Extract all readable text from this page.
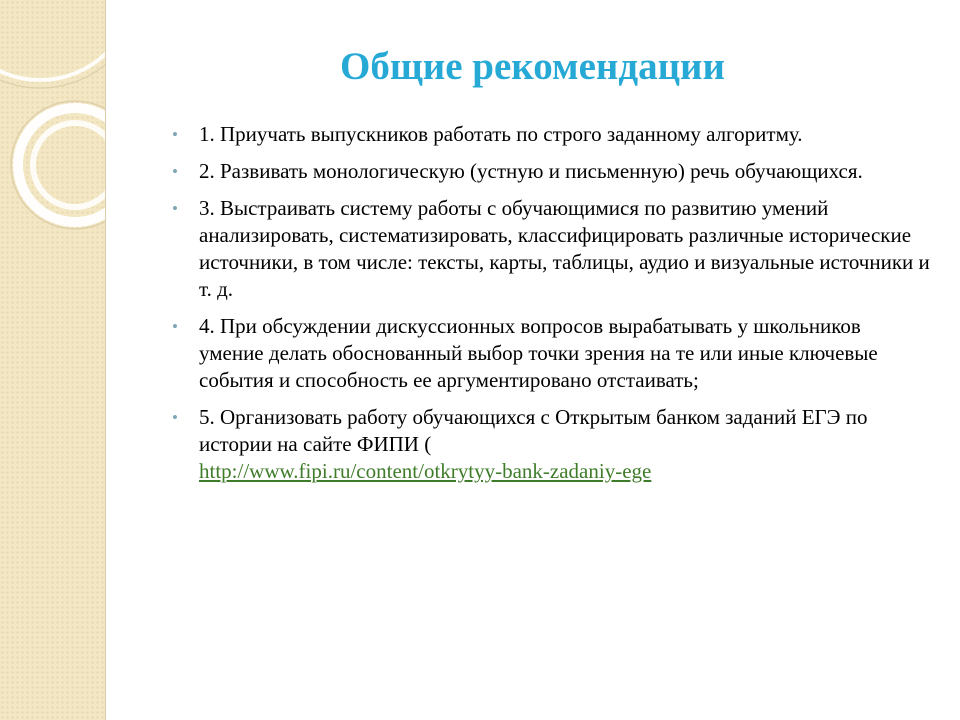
Общие рекомендации
• 1. Приучать выпускников работать по строго заданному алгоритму.
• 2. Развивать монологическую (устную и письменную) речь обучающихся.
• 3. Выстраивать систему работы с обучающимися по развитию умений анализировать, систематизировать, классифицировать различные исторические источники, в том числе: тексты, карты, таблицы, аудио и визуальные источники и т. д.
• 4. При обсуждении дискуссионных вопросов вырабатывать у школьников умение делать обоснованный выбор точки зрения на те или иные ключевые события и способность ее аргументировано отстаивать;
• 5. Организовать работу обучающихся с Открытым банком заданий ЕГЭ по истории на сайте ФИПИ (
http://www.fipi.ru/content/otkrytyy-bank-zadaniy-ege
